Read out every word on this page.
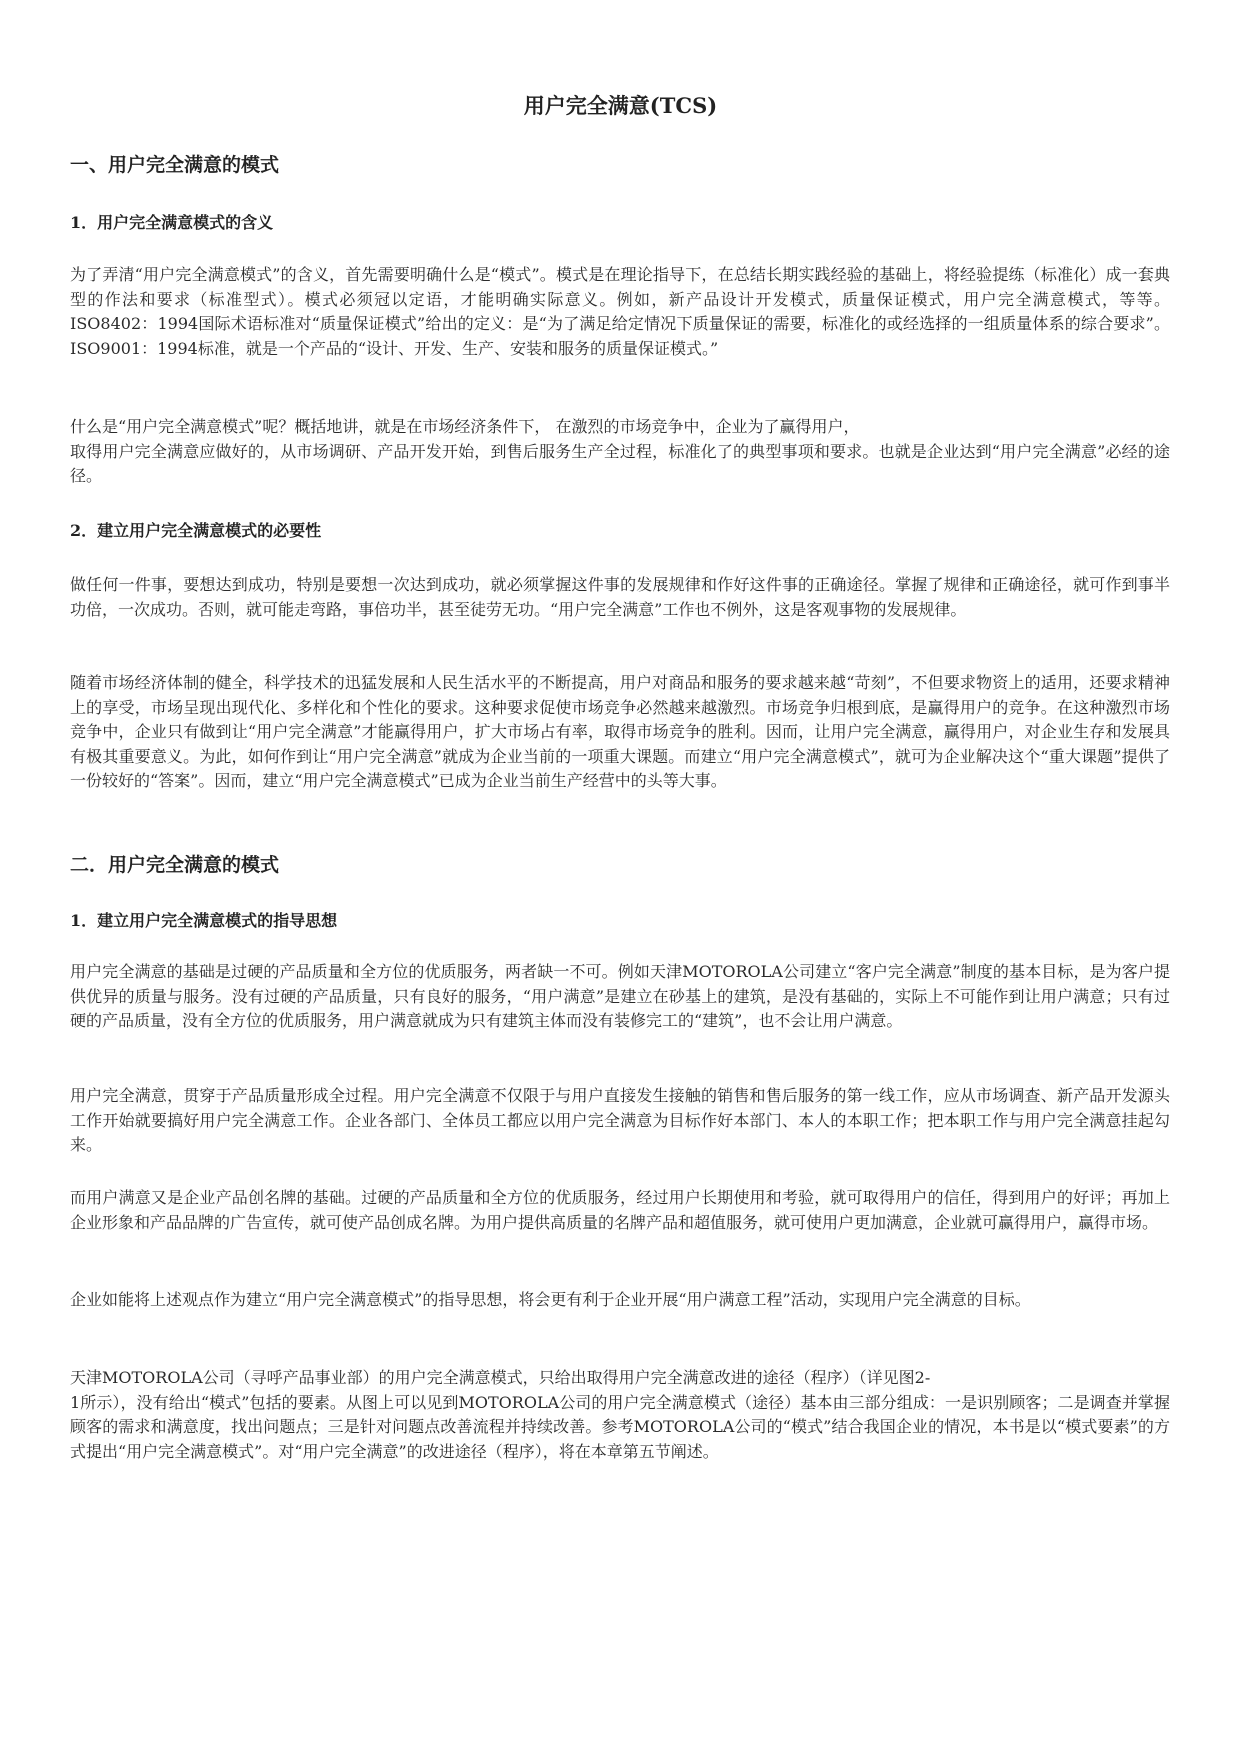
用户完全满意(TCS)
一、用户完全满意的模式
1．用户完全满意模式的含义

为了弄清“用户完全满意模式”的含义，首先需要明确什么是“模式”。模式是在理论指导下，在总结长期实践经验的基础上，将经验提练（标准化）成一套典型的作法和要求（标准型式）。模式必须冠以定语，才能明确实际意义。例如，新产品设计开发模式，质量保证模式，用户完全满意模式，等等。ISO8402：1994国际术语标准对“质量保证模式”给出的定义：是“为了满足给定情况下质量保证的需要，标准化的或经选择的一组质量体系的综合要求”。ISO9001：1994标准，就是一个产品的“设计、开发、生产、安装和服务的质量保证模式。”

什么是“用户完全满意模式”呢？概括地讲，就是在市场经济条件下， 在激烈的市场竞争中，企业为了赢得用户，
取得用户完全满意应做好的，从市场调研、产品开发开始，到售后服务生产全过程，标准化了的典型事项和要求。也就是企业达到“用户完全满意”必经的途径。
2．建立用户完全满意模式的必要性

做任何一件事，要想达到成功，特别是要想一次达到成功，就必须掌握这件事的发展规律和作好这件事的正确途径。掌握了规律和正确途径，就可作到事半功倍，一次成功。否则，就可能走弯路，事倍功半，甚至徒劳无功。“用户完全满意”工作也不例外，这是客观事物的发展规律。

随着市场经济体制的健全，科学技术的迅猛发展和人民生活水平的不断提高，用户对商品和服务的要求越来越“苛刻”，不但要求物资上的适用，还要求精神上的享受，市场呈现出现代化、多样化和个性化的要求。这种要求促使市场竞争必然越来越激烈。市场竞争归根到底，是赢得用户的竞争。在这种激烈市场竞争中，企业只有做到让“用户完全满意”才能赢得用户，扩大市场占有率，取得市场竞争的胜利。因而，让用户完全满意，赢得用户，对企业生存和发展具有极其重要意义。为此，如何作到让“用户完全满意”就成为企业当前的一项重大课题。而建立“用户完全满意模式”，就可为企业解决这个“重大课题”提供了一份较好的“答案”。因而，建立“用户完全满意模式”已成为企业当前生产经营中的头等大事。

二．用户完全满意的模式
1．建立用户完全满意模式的指导思想

用户完全满意的基础是过硬的产品质量和全方位的优质服务，两者缺一不可。例如天津MOTOROLA公司建立“客户完全满意”制度的基本目标，是为客户提供优异的质量与服务。没有过硬的产品质量，只有良好的服务，“用户满意”是建立在砂基上的建筑，是没有基础的，实际上不可能作到让用户满意；只有过硬的产品质量，没有全方位的优质服务，用户满意就成为只有建筑主体而没有装修完工的“建筑”，也不会让用户满意。

用户完全满意，贯穿于产品质量形成全过程。用户完全满意不仅限于与用户直接发生接触的销售和售后服务的第一线工作，应从市场调查、新产品开发源头工作开始就要搞好用户完全满意工作。企业各部门、全体员工都应以用户完全满意为目标作好本部门、本人的本职工作；把本职工作与用户完全满意挂起勾来。

而用户满意又是企业产品创名牌的基础。过硬的产品质量和全方位的优质服务，经过用户长期使用和考验，就可取得用户的信任，得到用户的好评；再加上企业形象和产品品牌的广告宣传，就可使产品创成名牌。为用户提供高质量的名牌产品和超值服务，就可使用户更加满意，企业就可赢得用户，赢得市场。

企业如能将上述观点作为建立“用户完全满意模式”的指导思想，将会更有利于企业开展“用户满意工程”活动，实现用户完全满意的目标。

天津MOTOROLA公司（寻呼产品事业部）的用户完全满意模式，只给出取得用户完全满意改进的途径（程序）（详见图2-
1所示），没有给出“模式”包括的要素。从图上可以见到MOTOROLA公司的用户完全满意模式（途径）基本由三部分组成：一是识别顾客；二是调查并掌握顾客的需求和满意度，找出问题点；三是针对问题点改善流程并持续改善。参考MOTOROLA公司的“模式”结合我国企业的情况，本书是以“模式要素”的方式提出“用户完全满意模式”。对“用户完全满意”的改进途径（程序），将在本章第五节阐述。
